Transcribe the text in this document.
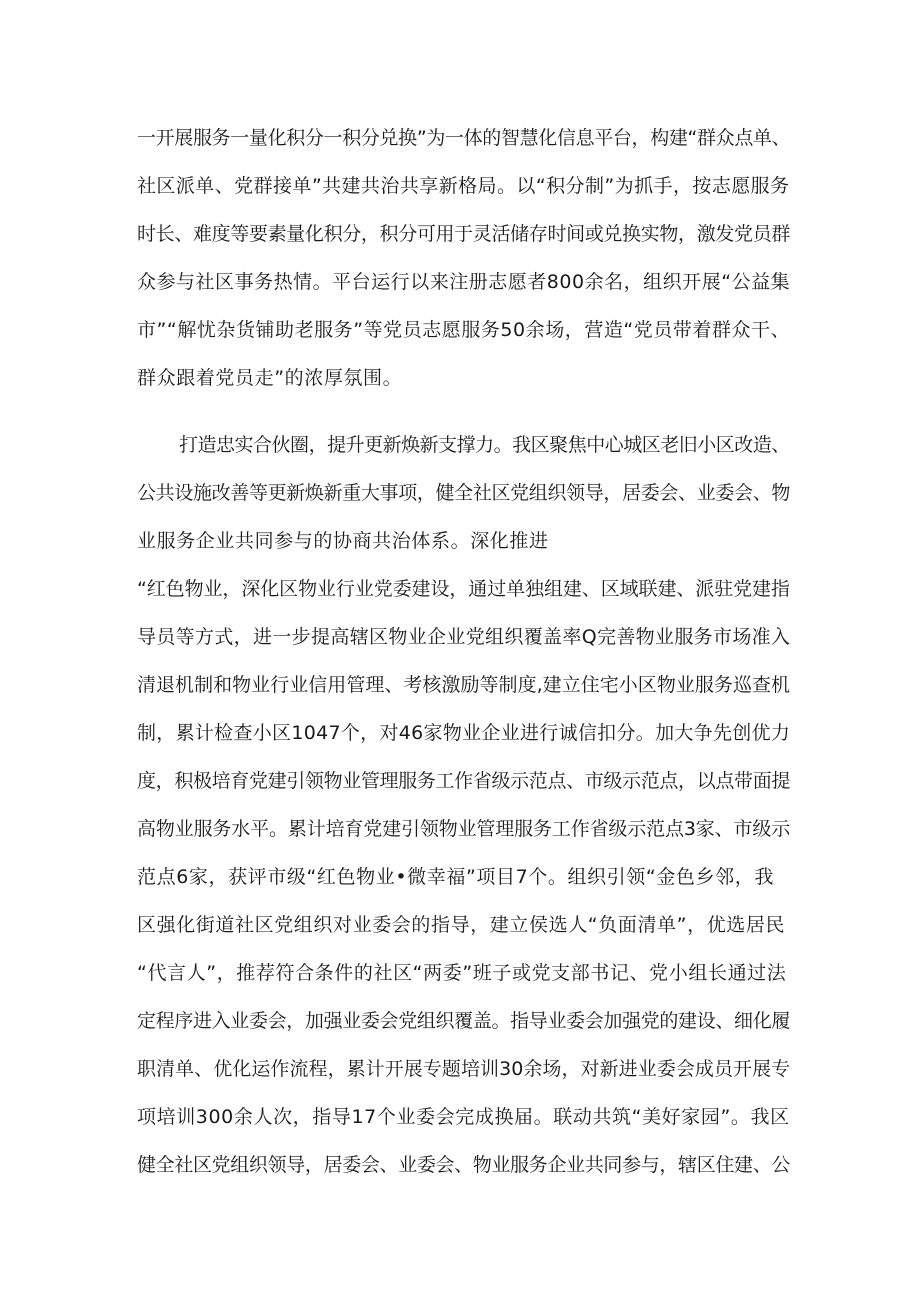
一开展服务一量化积分一积分兑换”为一体的智慧化信息平台，构建“群众点单、
社区派单、党群接单”共建共治共享新格局。以“积分制”为抓手，按志愿服务
时长、难度等要素量化积分，积分可用于灵活储存时间或兑换实物，激发党员群
众参与社区事务热情。平台运行以来注册志愿者800余名，组织开展“公益集
市”“解忧杂货铺助老服务”等党员志愿服务50余场，营造“党员带着群众干、
群众跟着党员走”的浓厚氛围。
打造忠实合伙圈，提升更新焕新支撑力。我区聚焦中心城区老旧小区改造、
公共设施改善等更新焕新重大事项，健全社区党组织领导，居委会、业委会、物
业服务企业共同参与的协商共治体系。深化推进
“红色物业，深化区物业行业党委建设，通过单独组建、区域联建、派驻党建指
导员等方式，进一步提高辖区物业企业党组织覆盖率Q完善物业服务市场准入
清退机制和物业行业信用管理、考核激励等制度,建立住宅小区物业服务巡查机
制，累计检查小区1047个，对46家物业企业进行诚信扣分。加大争先创优力
度，积极培育党建引领物业管理服务工作省级示范点、市级示范点，以点带面提
高物业服务水平。累计培育党建引领物业管理服务工作省级示范点3家、市级示
范点6家，获评市级“红色物业•微幸福”项目7个。组织引领“金色乡邻，我
区强化街道社区党组织对业委会的指导，建立侯选人“负面清单”，优选居民
“代言人”，推荐符合条件的社区“两委”班子或党支部书记、党小组长通过法
定程序进入业委会，加强业委会党组织覆盖。指导业委会加强党的建设、细化履
职清单、优化运作流程，累计开展专题培训30余场，对新进业委会成员开展专
项培训300余人次，指导17个业委会完成换届。联动共筑“美好家园”。我区
健全社区党组织领导，居委会、业委会、物业服务企业共同参与，辖区住建、公
